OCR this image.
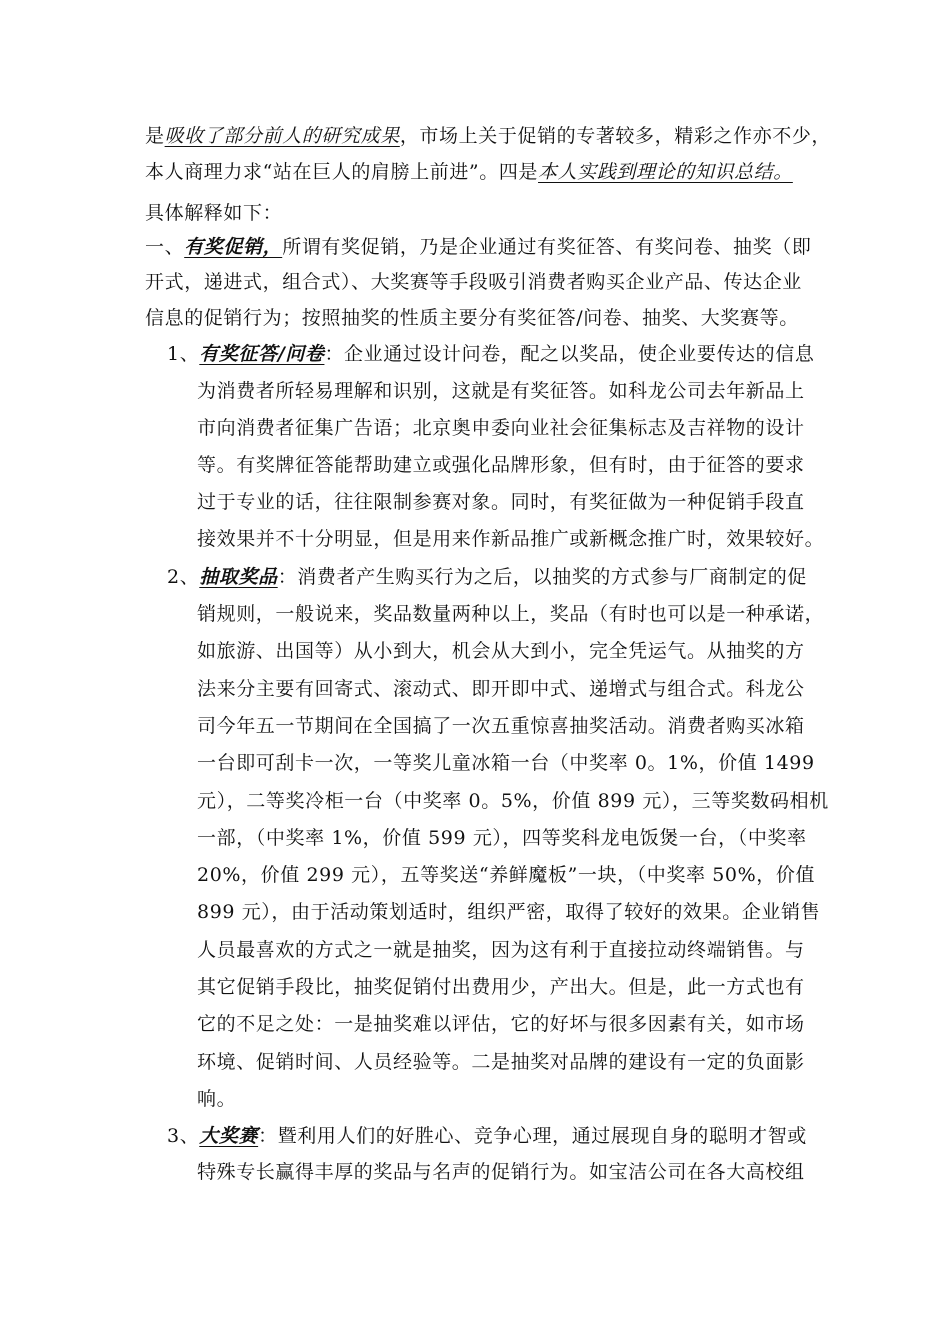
是吸收了部分前人的研究成果，市场上关于促销的专著较多，精彩之作亦不少，
本人商理力求“站在巨人的肩膀上前进”。四是本人实践到理论的知识总结。
具体解释如下：
一、有奖促销，所谓有奖促销，乃是企业通过有奖征答、有奖问卷、抽奖（即
开式，递进式，组合式）、大奖赛等手段吸引消费者购买企业产品、传达企业
信息的促销行为；按照抽奖的性质主要分有奖征答/问卷、抽奖、大奖赛等。
1、有奖征答/问卷：企业通过设计问卷，配之以奖品，使企业要传达的信息
为消费者所轻易理解和识别，这就是有奖征答。如科龙公司去年新品上
市向消费者征集广告语；北京奥申委向业社会征集标志及吉祥物的设计
等。有奖牌征答能帮助建立或强化品牌形象，但有时，由于征答的要求
过于专业的话，往往限制参赛对象。同时，有奖征做为一种促销手段直
接效果并不十分明显，但是用来作新品推广或新概念推广时，效果较好。
2、抽取奖品：消费者产生购买行为之后，以抽奖的方式参与厂商制定的促
销规则，一般说来，奖品数量两种以上，奖品（有时也可以是一种承诺，
如旅游、出国等）从小到大，机会从大到小，完全凭运气。从抽奖的方
法来分主要有回寄式、滚动式、即开即中式、递增式与组合式。科龙公
司今年五一节期间在全国搞了一次五重惊喜抽奖活动。消费者购买冰箱
一台即可刮卡一次，一等奖儿童冰箱一台（中奖率 0。1%，价值 1499
元），二等奖冷柜一台（中奖率 0。5%，价值 899 元），三等奖数码相机
一部，（中奖率 1%，价值 599 元），四等奖科龙电饭煲一台，（中奖率
20%，价值 299 元），五等奖送“养鲜魔板”一块，（中奖率 50%，价值
899 元），由于活动策划适时，组织严密，取得了较好的效果。企业销售
人员最喜欢的方式之一就是抽奖，因为这有利于直接拉动终端销售。与
其它促销手段比，抽奖促销付出费用少，产出大。但是，此一方式也有
它的不足之处：一是抽奖难以评估，它的好坏与很多因素有关，如市场
环境、促销时间、人员经验等。二是抽奖对品牌的建设有一定的负面影
响。
3、大奖赛：暨利用人们的好胜心、竞争心理，通过展现自身的聪明才智或
特殊专长赢得丰厚的奖品与名声的促销行为。如宝洁公司在各大高校组
